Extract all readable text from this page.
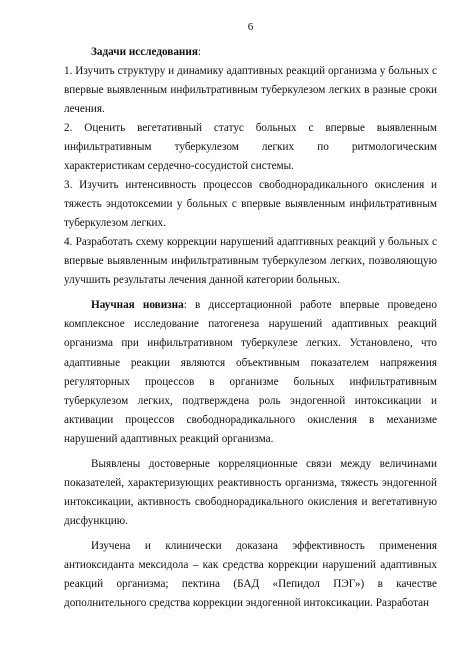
6

Задачи исследования:

1. Изучить структуру и динамику адаптивных реакций организма у больных с впервые выявленным инфильтративным туберкулезом легких в разные сроки лечения.

2. Оценить вегетативный статус больных с впервые выявленным инфильтративным туберкулезом легких по ритмологическим характеристикам сердечно-сосудистой системы.

3. Изучить интенсивность процессов свободнорадикального окисления и тяжесть эндотоксемии у больных с впервые выявленным инфильтративным туберкулезом легких.

4. Разработать схему коррекции нарушений адаптивных реакций у больных с впервые выявленным инфильтративным туберкулезом легких, позволяющую улучшить результаты лечения данной категории больных.

Научная новизна: в диссертационной работе впервые проведено комплексное исследование патогенеза нарушений адаптивных реакций организма при инфильтративном туберкулезе легких. Установлено, что адаптивные реакции являются объективным показателем напряжения регуляторных процессов в организме больных инфильтративным туберкулезом легких, подтверждена роль эндогенной интоксикации и активации процессов свободнорадикального окисления в механизме нарушений адаптивных реакций организма.

Выявлены достоверные корреляционные связи между величинами показателей, характеризующих реактивность организма, тяжесть эндогенной интоксикации, активность свободнорадикального окисления и вегетативную дисфункцию.

Изучена и клинически доказана эффективность применения антиоксиданта мексидола – как средства коррекции нарушений адаптивных реакций организма; пектина (БАД «Пепидол ПЭГ») в качестве дополнительного средства коррекции эндогенной интоксикации. Разработан
